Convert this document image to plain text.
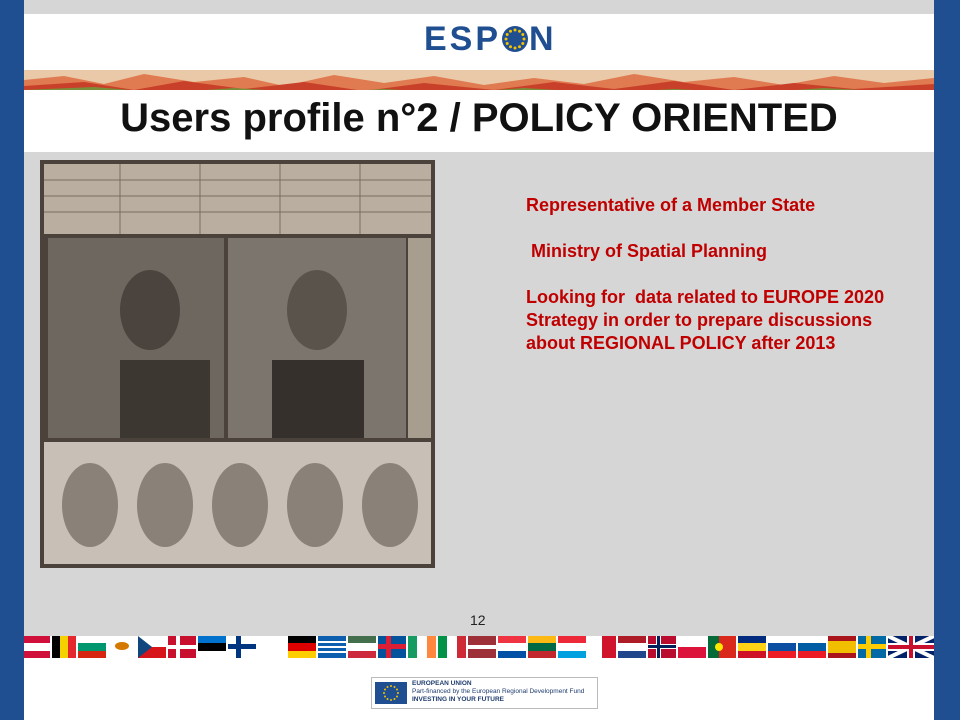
ESP N
Users profile n°2 / POLICY ORIENTED

Representative of a Member State

Ministry of Spatial Planning

Looking for  data related to EUROPE 2020 Strategy in order to prepare discussions about REGIONAL POLICY after 2013

12
EUROPEAN UNION
Part-financed by the European Regional Development Fund
INVESTING IN YOUR FUTURE
